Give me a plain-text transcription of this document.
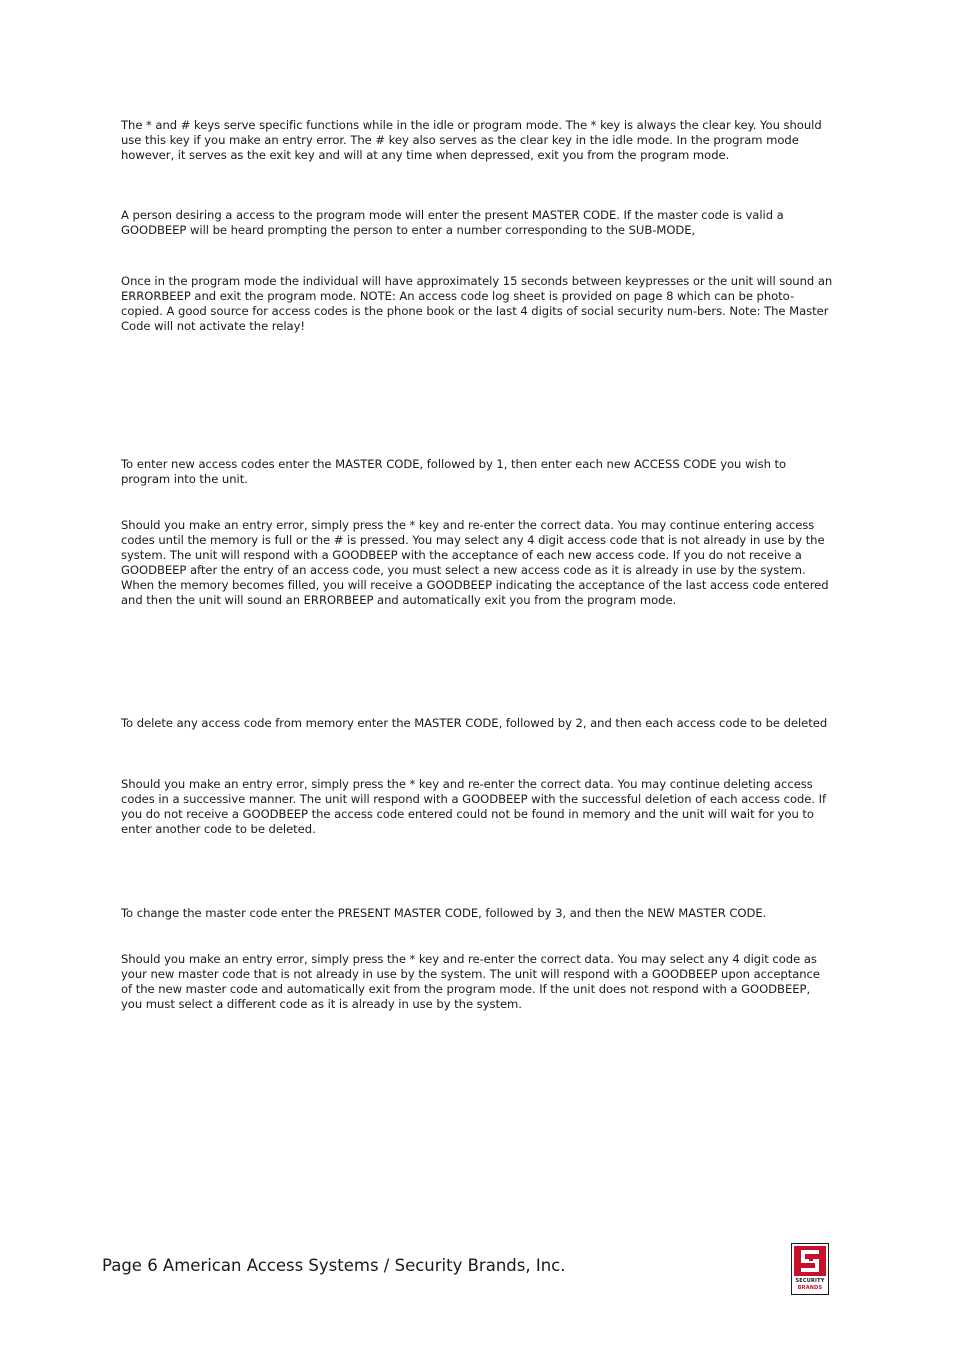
The * and # keys serve specific functions while in the idle or program mode. The * key is always the clear key. You should use this key if you make an entry error. The # key also serves as the clear key in the idle mode. In the program mode however, it serves as the exit key and will at any time when depressed, exit you from the program mode.

A person desiring a access to the program mode will enter the present MASTER CODE. If the master code is valid a GOODBEEP will be heard prompting the person to enter a number corresponding to the SUB-MODE,

Once in the program mode the individual will have approximately 15 seconds between keypresses or the unit will sound an ERRORBEEP and exit the program mode. NOTE: An access code log sheet is provided on page 8 which can be photo-copied. A good source for access codes is the phone book or the last 4 digits of social security num-bers. Note: The Master Code will not activate the relay!

To enter new access codes enter the MASTER CODE, followed by 1, then enter each new ACCESS CODE you wish to program into the unit.

Should you make an entry error, simply press the * key and re-enter the correct data. You may continue entering access codes until the memory is full or the # is pressed. You may select any 4 digit access code that is not already in use by the system. The unit will respond with a GOODBEEP with the acceptance of each new access code. If you do not receive a GOODBEEP after the entry of an access code, you must select a new access code as it is already in use by the system. When the memory becomes filled, you will receive a GOODBEEP indicating the acceptance of the last access code entered and then the unit will sound an ERRORBEEP and automatically exit you from the program mode.

To delete any access code from memory enter the MASTER CODE, followed by 2, and then each access code to be deleted

Should you make an entry error, simply press the * key and re-enter the correct data. You may continue deleting access codes in a successive manner. The unit will respond with a GOODBEEP with the successful deletion of each access code. If you do not receive a GOODBEEP the access code entered could not be found in memory and the unit will wait for you to enter another code to be deleted.

To change the master code enter the PRESENT MASTER CODE, followed by 3, and then the NEW MASTER CODE.

Should you make an entry error, simply press the * key and re-enter the correct data. You may select any 4 digit code as your new master code that is not already in use by the system. The unit will respond with a GOODBEEP upon acceptance of the new master code and automatically exit from the program mode. If the unit does not respond with a GOODBEEP, you must select a different code as it is already in use by the system.

Page 6 American Access Systems / Security Brands, Inc.

SECURITY
BRANDS
